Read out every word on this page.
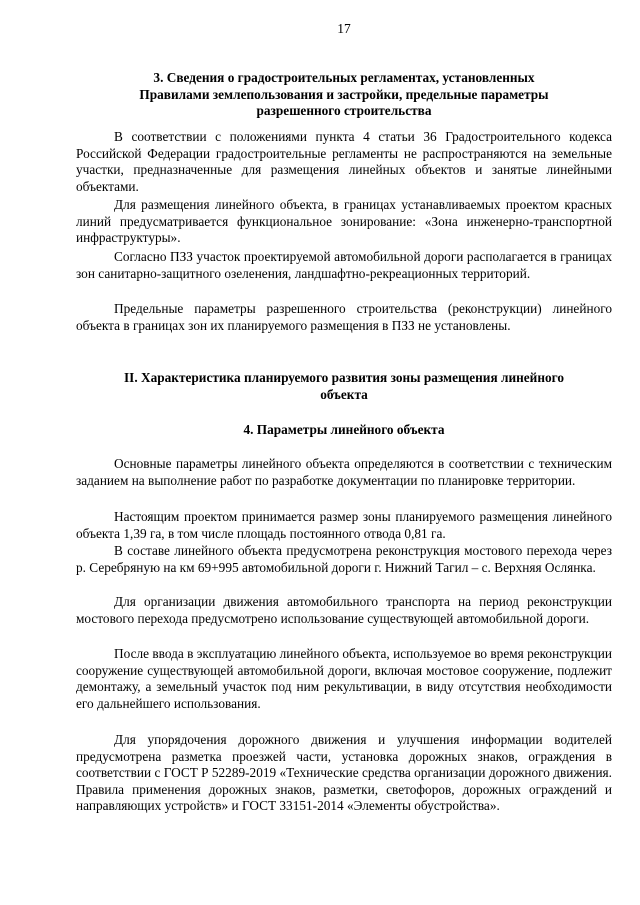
17
3. Сведения о градостроительных регламентах, установленных
Правилами землепользования и застройки, предельные параметры
разрешенного строительства

В соответствии с положениями пункта 4 статьи 36 Градостроительного кодекса Российской Федерации градостроительные регламенты не распространяются на земельные участки, предназначенные для размещения линейных объектов и занятые линейными объектами.

Для размещения линейного объекта, в границах устанавливаемых проектом красных линий предусматривается функциональное зонирование: «Зона инженерно-транспортной инфраструктуры».

Согласно ПЗЗ участок проектируемой автомобильной дороги располагается в границах зон санитарно-защитного озеленения, ландшафтно-рекреационных территорий.

Предельные параметры разрешенного строительства (реконструкции) линейного объекта в границах зон их планируемого размещения в ПЗЗ не установлены.

II. Характеристика планируемого развития зоны размещения линейного
объекта
4. Параметры линейного объекта

Основные параметры линейного объекта определяются в соответствии с техническим заданием на выполнение работ по разработке документации по планировке территории.

Настоящим проектом принимается размер зоны планируемого размещения линейного объекта 1,39 га, в том числе площадь постоянного отвода 0,81 га.

В составе линейного объекта предусмотрена реконструкция мостового перехода через р. Серебряную на км 69+995 автомобильной дороги г. Нижний Тагил – с. Верхняя Ослянка.

Для организации движения автомобильного транспорта на период реконструкции мостового перехода предусмотрено использование существующей автомобильной дороги.

После ввода в эксплуатацию линейного объекта, используемое во время реконструкции сооружение существующей автомобильной дороги, включая мостовое сооружение, подлежит демонтажу, а земельный участок под ним рекультивации, в виду отсутствия необходимости его дальнейшего использования.

Для упорядочения дорожного движения и улучшения информации водителей предусмотрена разметка проезжей части, установка дорожных знаков, ограждения в соответствии с ГОСТ Р 52289-2019 «Технические средства организации дорожного движения. Правила применения дорожных знаков, разметки, светофоров, дорожных ограждений и направляющих устройств» и ГОСТ 33151-2014 «Элементы обустройства».
